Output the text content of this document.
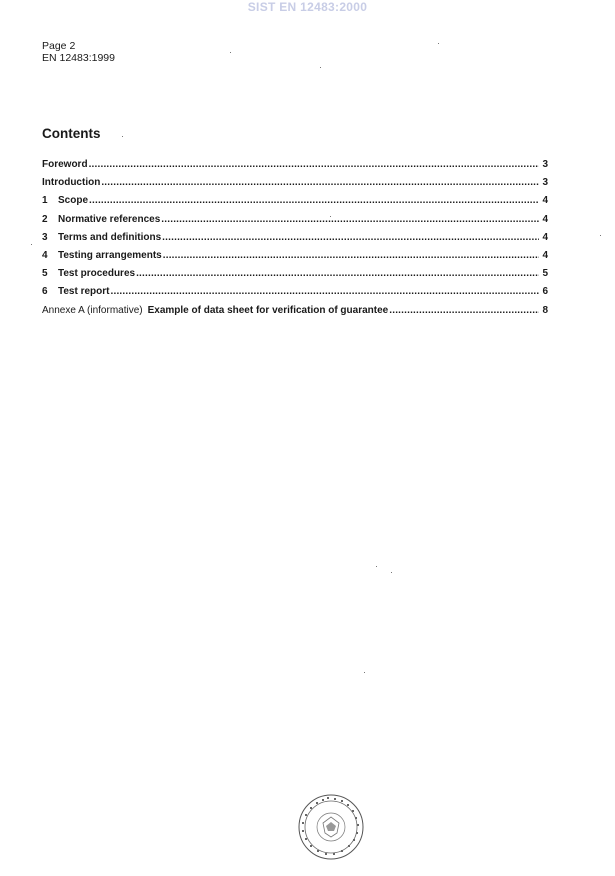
SIST EN 12483:2000
Page 2
EN 12483:1999
Contents
Foreword .....	3
Introduction .....	3
1	Scope .....	4
2	Normative references .....	4
3	Terms and definitions .....	4
4	Testing arrangements .....	4
5	Test procedures .....	5
6	Test report .....	6
Annexe A (informative) Example of data sheet for verification of guarantee .....	8
